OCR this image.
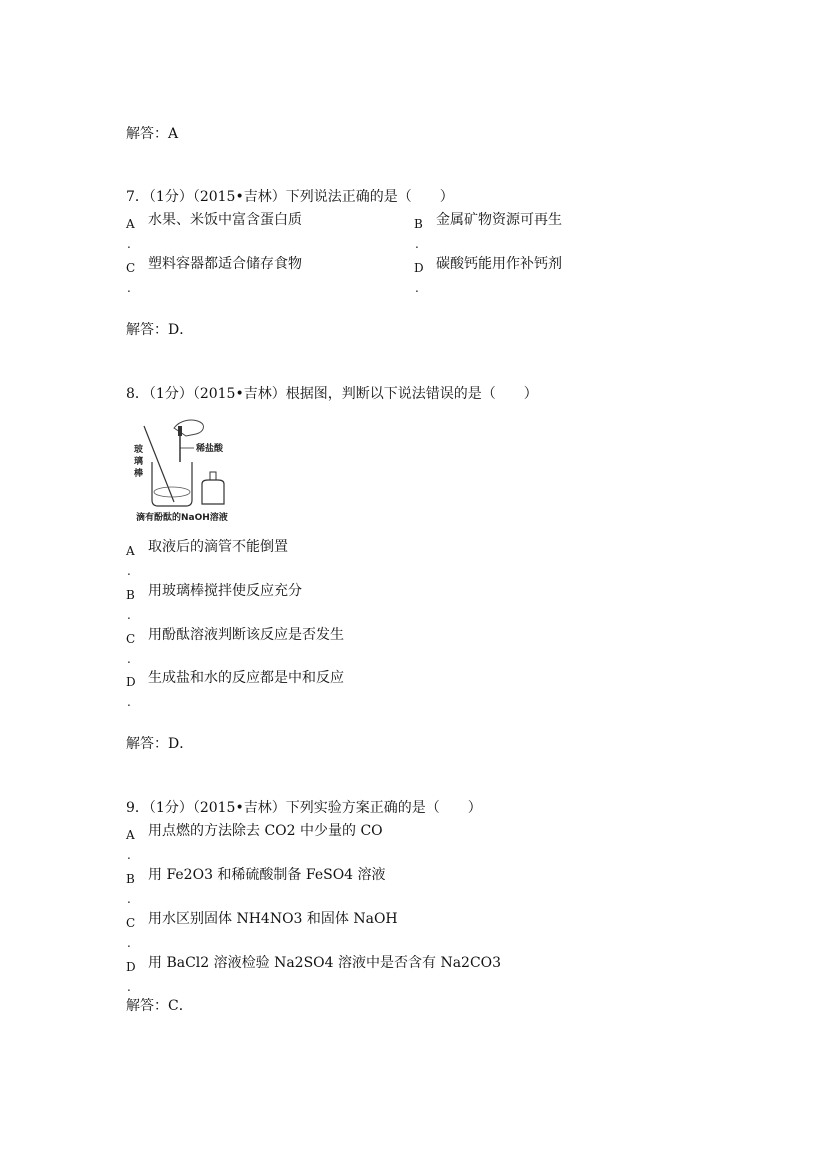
解答：A
7．（1分）（2015•吉林）下列说法正确的是（　　）
A
.
水果、米饭中富含蛋白质	B
.
金属矿物资源可再生
C
.
塑料容器都适合储存食物	D
.
碳酸钙能用作补钙剂
解答：D．
8．（1分）（2015•吉林）根据图，判断以下说法错误的是（　　）
稀盐酸
玻
璃
棒
滴有酚酞的NaOH溶液
A
.
取液后的滴管不能倒置
B
.
用玻璃棒搅拌使反应充分
C
.
用酚酞溶液判断该反应是否发生
D
.
生成盐和水的反应都是中和反应
解答：D．
9．（1分）（2015•吉林）下列实验方案正确的是（　　）
A
.
用点燃的方法除去 CO2 中少量的 CO
B
.
用 Fe2O3 和稀硫酸制备 FeSO4 溶液
C
.
用水区别固体 NH4NO3 和固体 NaOH
D
.
用 BaCl2 溶液检验 Na2SO4 溶液中是否含有 Na2CO3
解答：C．
